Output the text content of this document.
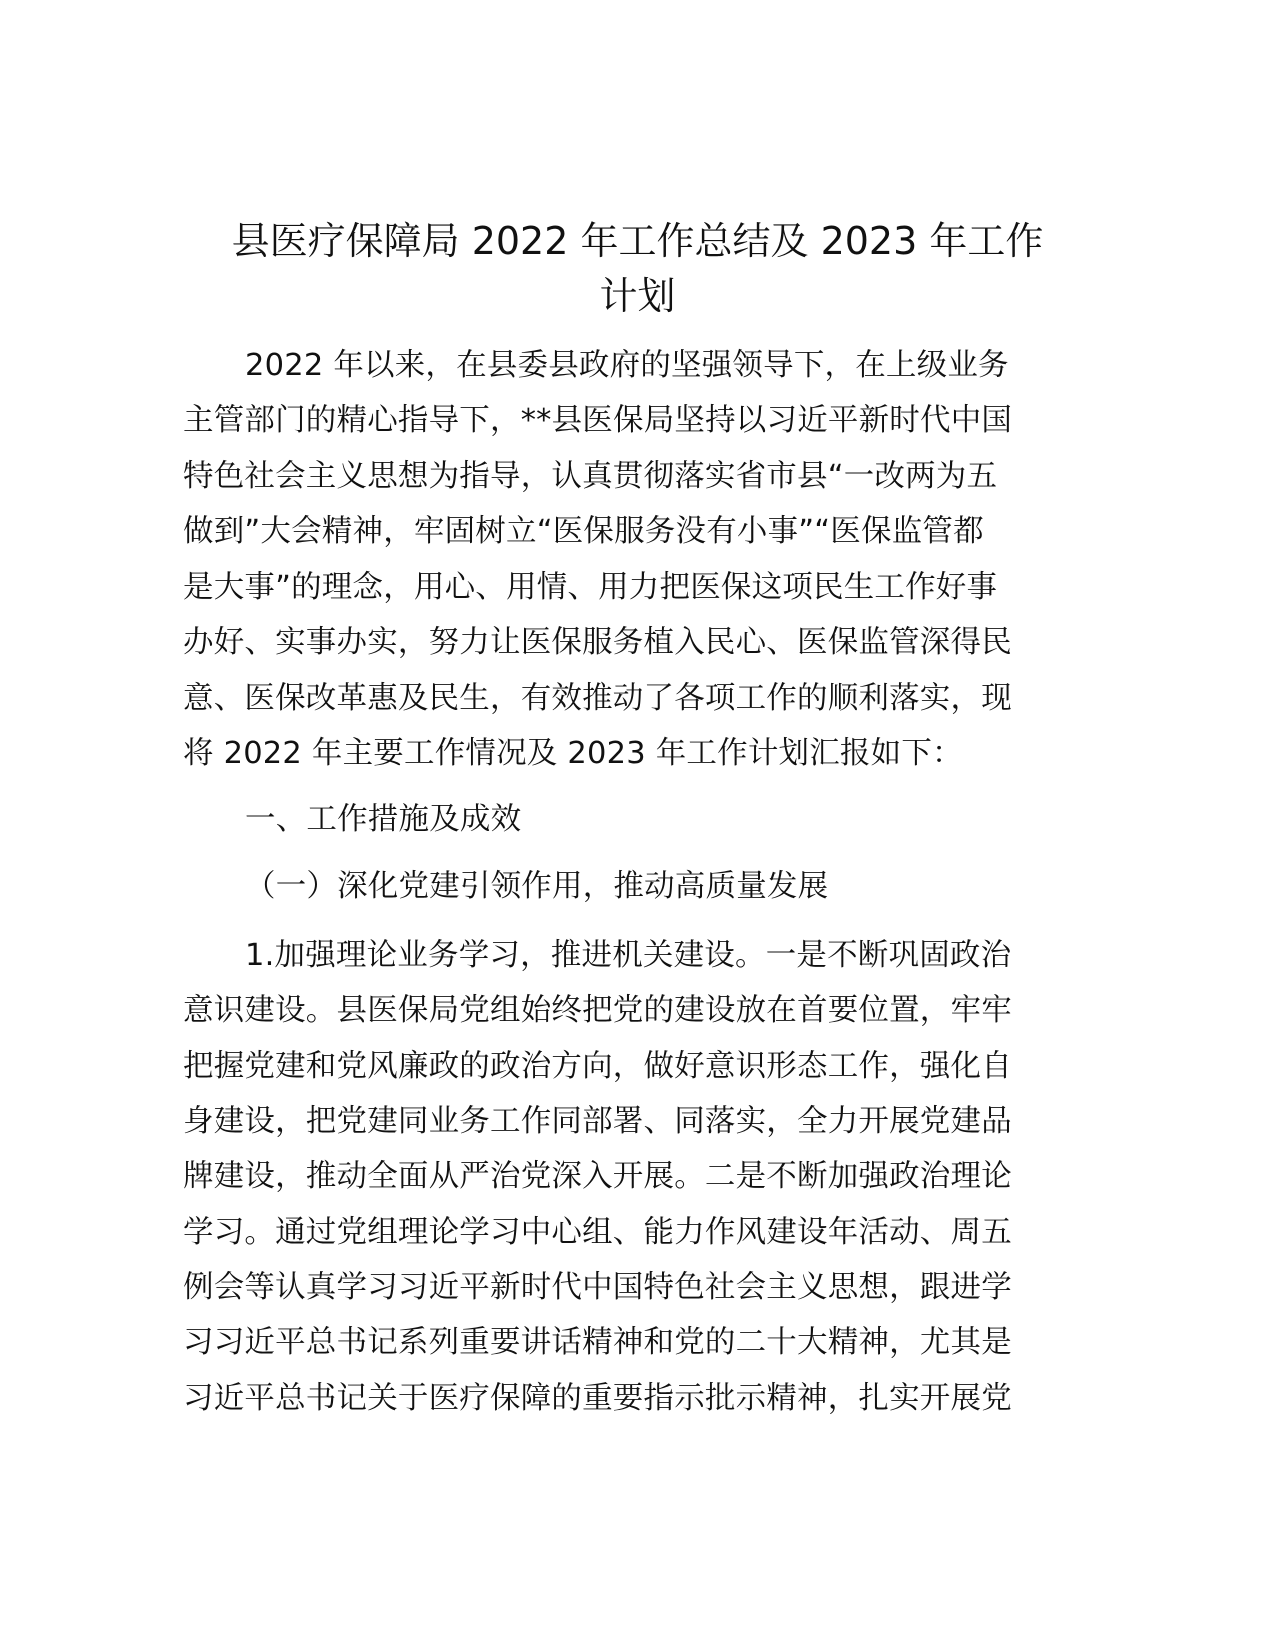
县医疗保障局 2022 年工作总结及 2023 年工作
计划
2022 年以来，在县委县政府的坚强领导下，在上级业务
主管部门的精心指导下，**县医保局坚持以习近平新时代中国
特色社会主义思想为指导，认真贯彻落实省市县“一改两为五
做到”大会精神，牢固树立“医保服务没有小事”“医保监管都
是大事”的理念，用心、用情、用力把医保这项民生工作好事
办好、实事办实，努力让医保服务植入民心、医保监管深得民
意、医保改革惠及民生，有效推动了各项工作的顺利落实，现
将 2022 年主要工作情况及 2023 年工作计划汇报如下：
一、工作措施及成效
（一）深化党建引领作用，推动高质量发展
1.加强理论业务学习，推进机关建设。一是不断巩固政治
意识建设。县医保局党组始终把党的建设放在首要位置，牢牢
把握党建和党风廉政的政治方向，做好意识形态工作，强化自
身建设，把党建同业务工作同部署、同落实，全力开展党建品
牌建设，推动全面从严治党深入开展。二是不断加强政治理论
学习。通过党组理论学习中心组、能力作风建设年活动、周五
例会等认真学习习近平新时代中国特色社会主义思想，跟进学
习习近平总书记系列重要讲话精神和党的二十大精神，尤其是
习近平总书记关于医疗保障的重要指示批示精神，扎实开展党
